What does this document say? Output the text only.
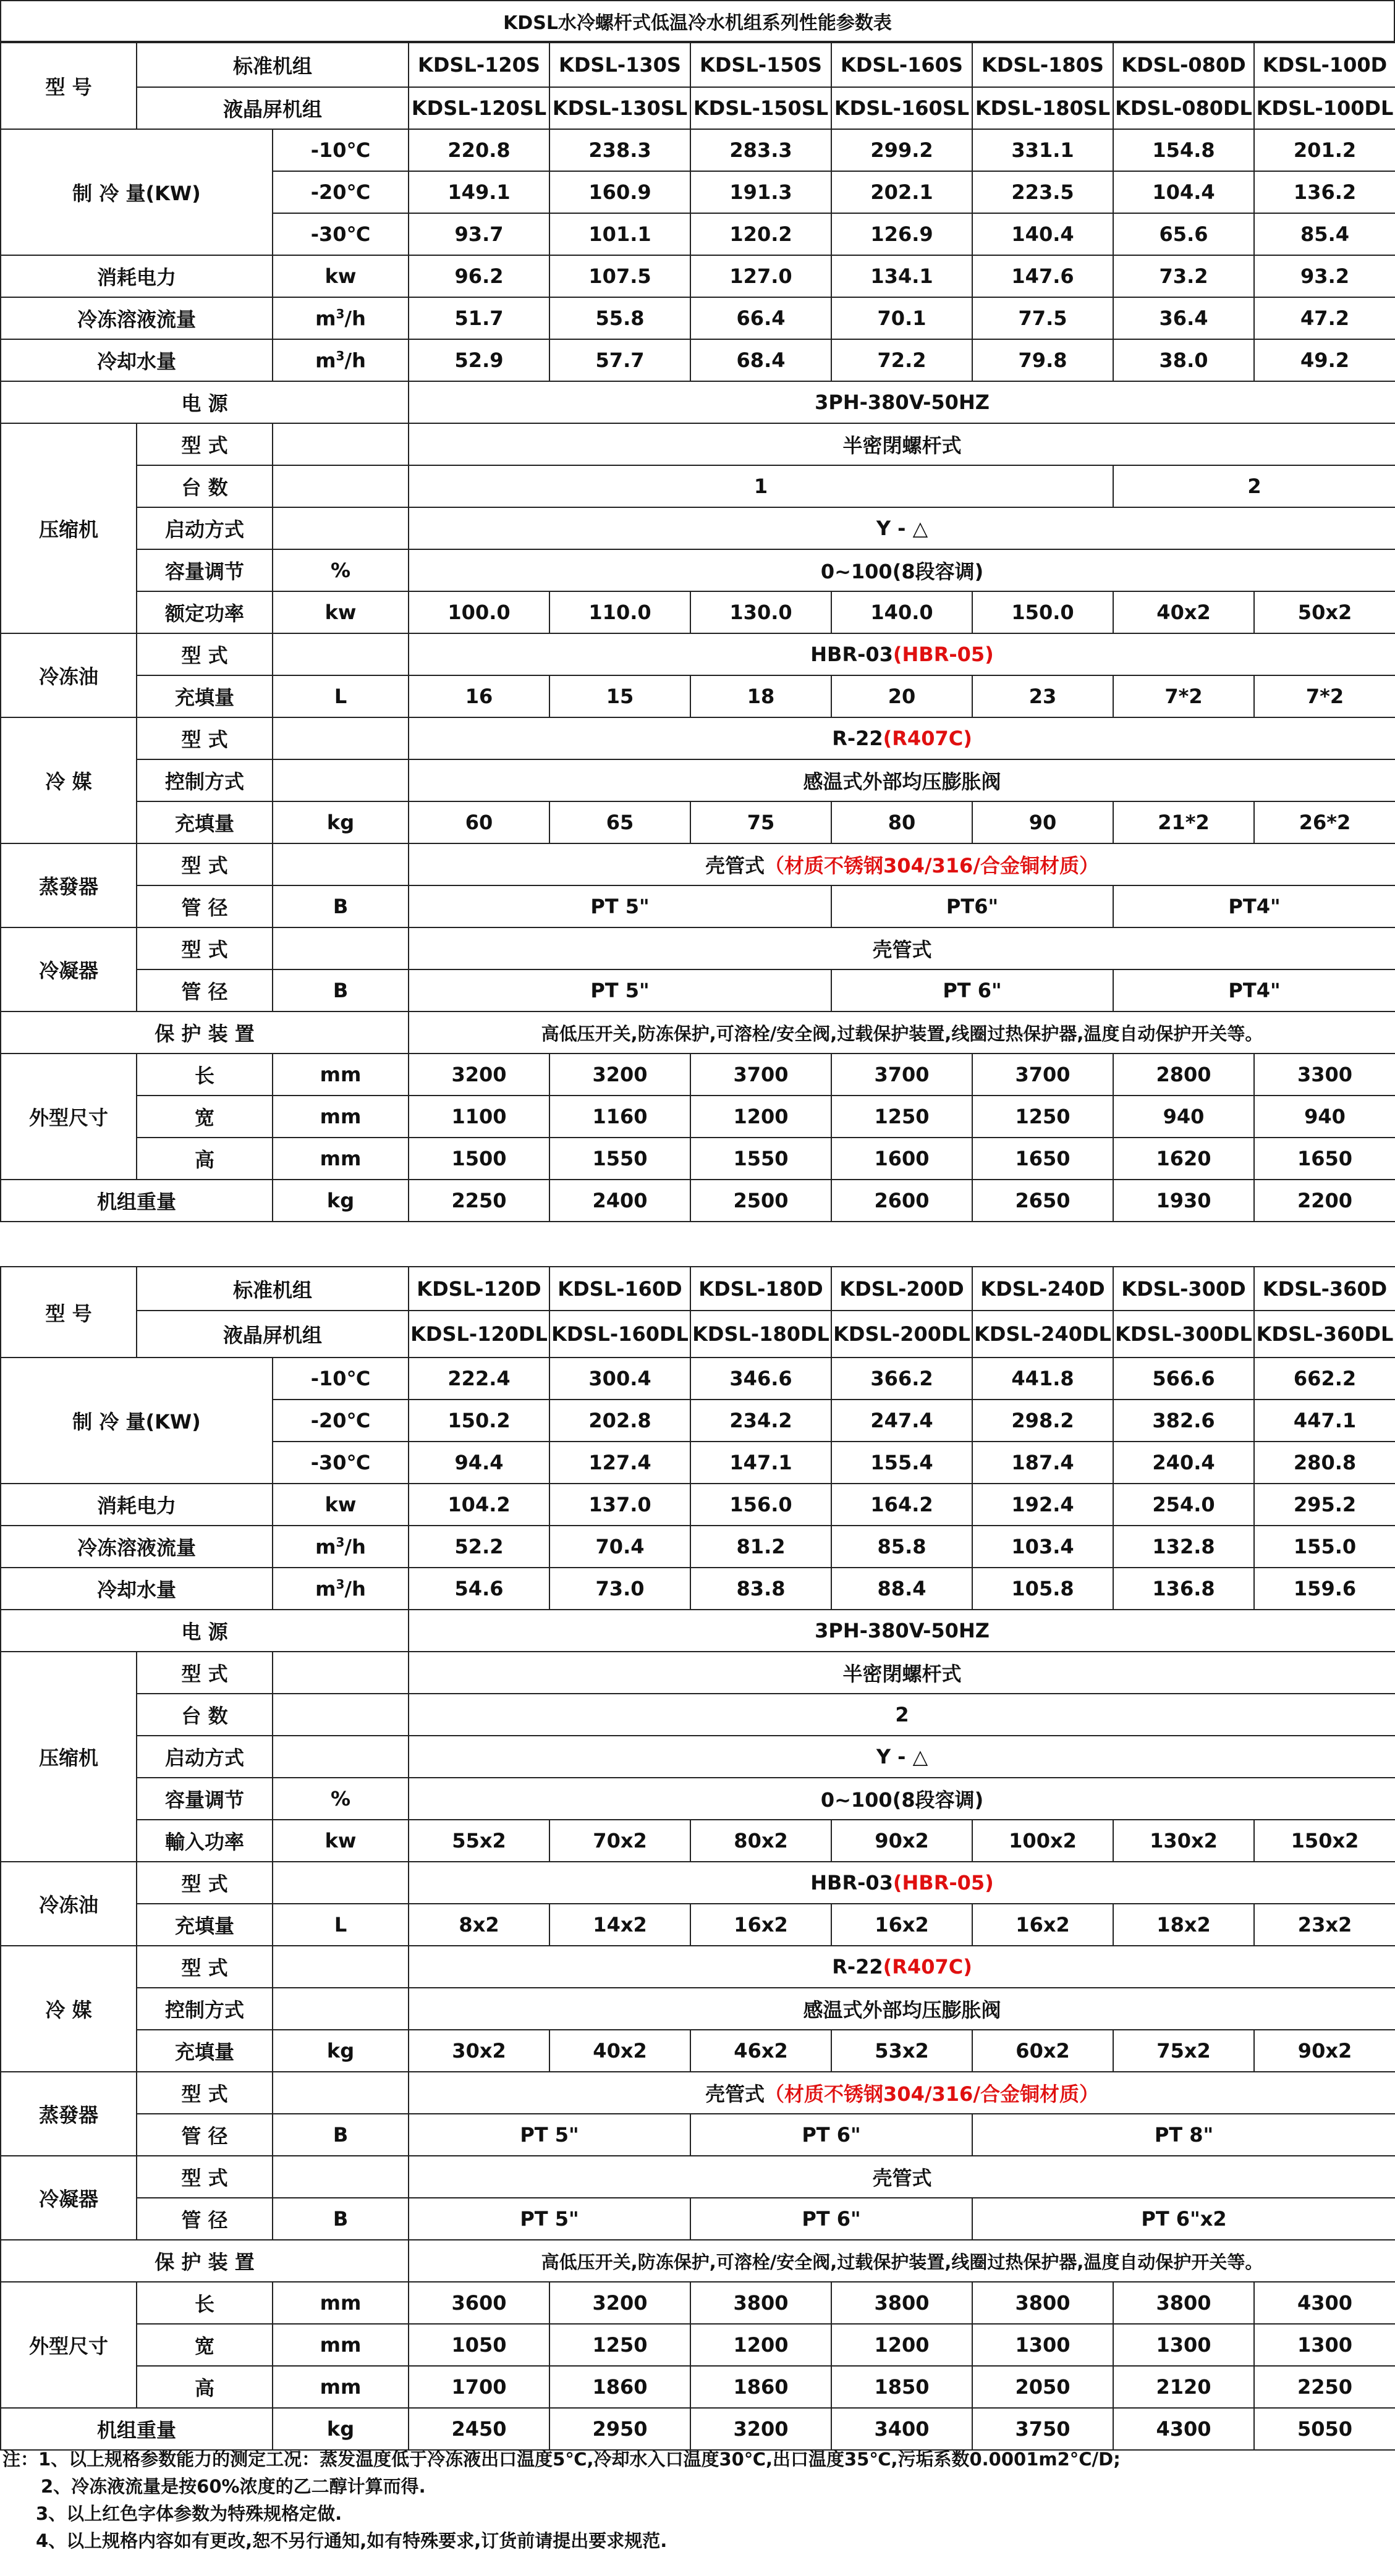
KDSL水冷螺杆式低温冷水机组系列性能参数表
型 号	标准机组		KDSL-120S	KDSL-130S	KDSL-150S	KDSL-160S	KDSL-180S	KDSL-080D	KDSL-100D
	液晶屏机组		KDSL-120SL	KDSL-130SL	KDSL-150SL	KDSL-160SL	KDSL-180SL	KDSL-080DL	KDSL-100DL
制 冷 量(KW)		-10℃	220.8	238.3	283.3	299.2	331.1	154.8	201.2
		-20℃	149.1	160.9	191.3	202.1	223.5	104.4	136.2
		-30℃	93.7	101.1	120.2	126.9	140.4	65.6	85.4
消耗电力		kw	96.2	107.5	127.0	134.1	147.6	73.2	93.2
冷冻溶液流量		$m^3/h$	51.7	55.8	66.4	70.1	77.5	36.4	47.2
冷却水量		$m^3/h$	52.9	57.7	68.4	72.2	79.8	38.0	49.2
电 源			3PH-380V-50HZ						
压缩机	型 式		半密閉螺杆式						
	台 数		1					2	
	启动方式		Y - △						
	容量调节	%	0~100(8段容调)						
	额定功率	kw	100.0	110.0	130.0	140.0	150.0	40x2	50x2
冷冻油	型 式		HBR-03(HBR-05)						
	充填量	L	16	15	18	20	23	7*2	7*2
冷 媒	型 式		R-22(R407C)						
	控制方式		感温式外部均压膨胀阀						
	充填量	kg	60	65	75	80	90	21*2	26*2
蒸發器	型 式		壳管式（材质不锈钢304/316/合金铜材质）						
	管 径	B	PT 5"			PT6"		PT4"	
冷凝器	型 式		壳管式						
	管 径	B	PT 5"			PT 6"		PT4"	
保 护 装 置			高低压开关,防冻保护,可溶栓/安全阀,过载保护装置,线圈过热保护器,温度自动保护开关等。						
外型尺寸	长	mm	3200	3200	3700	3700	3700	2800	3300
	宽	mm	1100	1160	1200	1250	1250	940	940
	高	mm	1500	1550	1550	1600	1650	1620	1650
机组重量		kg	2250	2400	2500	2600	2650	1930	2200

型 号	标准机组		KDSL-120D	KDSL-160D	KDSL-180D	KDSL-200D	KDSL-240D	KDSL-300D	KDSL-360D
	液晶屏机组		KDSL-120DL	KDSL-160DL	KDSL-180DL	KDSL-200DL	KDSL-240DL	KDSL-300DL	KDSL-360DL
制 冷 量(KW)		-10℃	222.4	300.4	346.6	366.2	441.8	566.6	662.2
		-20℃	150.2	202.8	234.2	247.4	298.2	382.6	447.1
		-30℃	94.4	127.4	147.1	155.4	187.4	240.4	280.8
消耗电力		kw	104.2	137.0	156.0	164.2	192.4	254.0	295.2
冷冻溶液流量		$m^3/h$	52.2	70.4	81.2	85.8	103.4	132.8	155.0
冷却水量		$m^3/h$	54.6	73.0	83.8	88.4	105.8	136.8	159.6
电 源			3PH-380V-50HZ						
压缩机	型 式		半密閉螺杆式						
	台 数		2						
	启动方式		Y - △						
	容量调节	%	0~100(8段容调)						
	輸入功率	kw	55x2	70x2	80x2	90x2	100x2	130x2	150x2
冷冻油	型 式		HBR-03(HBR-05)						
	充填量	L	8x2	14x2	16x2	16x2	16x2	18x2	23x2
冷 媒	型 式		R-22(R407C)						
	控制方式		感温式外部均压膨胀阀						
	充填量	kg	30x2	40x2	46x2	53x2	60x2	75x2	90x2
蒸發器	型 式		壳管式（材质不锈钢304/316/合金铜材质）						
	管 径	B	PT 5"		PT 6"		PT 8"		
冷凝器	型 式		壳管式						
	管 径	B	PT 5"		PT 6"		PT 6"x2		
保 护 装 置			高低压开关,防冻保护,可溶栓/安全阀,过载保护装置,线圈过热保护器,温度自动保护开关等。						
外型尺寸	长	mm	3600	3200	3800	3800	3800	3800	4300
	宽	mm	1050	1250	1200	1200	1300	1300	1300
	高	mm	1700	1860	1860	1850	2050	2120	2250
机组重量		kg	2450	2950	3200	3400	3750	4300	5050

注：1、以上规格参数能力的测定工况：蒸发温度低于冷冻液出口温度5℃,冷却水入口温度30℃,出口温度35℃,污垢系数0.0001m2°C/D;
2、冷冻液流量是按60%浓度的乙二醇计算而得.
3、以上红色字体参数为特殊规格定做.
4、以上规格内容如有更改,恕不另行通知,如有特殊要求,订货前请提出要求规范.
